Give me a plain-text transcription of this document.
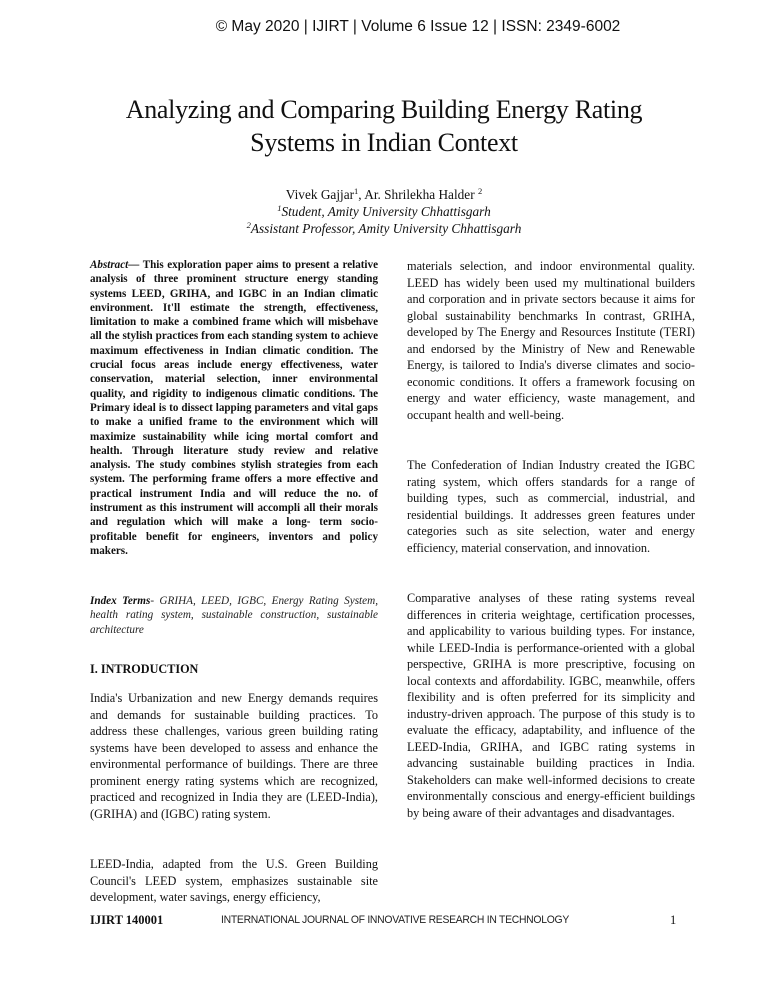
© May 2020 | IJIRT | Volume 6 Issue 12 | ISSN: 2349-6002
Analyzing and Comparing Building Energy Rating
Systems in Indian Context
Vivek Gajjar$^1$, Ar. Shrilekha Halder $^2$
$^1$Student, Amity University Chhattisgarh
$^2$Assistant Professor, Amity University Chhattisgarh
Abstract— This exploration paper aims to present a relative analysis of three prominent structure energy standing systems LEED, GRIHA, and IGBC in an Indian climatic environment. It'll estimate the strength, effectiveness, limitation to make a combined frame which will misbehave all the stylish practices from each standing system to achieve maximum effectiveness in Indian climatic condition. The crucial focus areas include energy effectiveness, water conservation, material selection, inner environmental quality, and rigidity to indigenous climatic conditions. The Primary ideal is to dissect lapping parameters and vital gaps to make a unified frame to the environment which will maximize sustainability while icing mortal comfort and health. Through literature study review and relative analysis. The study combines stylish strategies from each system. The performing frame offers a more effective and practical instrument India and will reduce the no. of instrument as this instrument will accompli all their morals and regulation which will make a long- term socio- profitable benefit for engineers, inventors and policy makers.
Index Terms- GRIHA, LEED, IGBC, Energy Rating System, health rating system, sustainable construction, sustainable architecture
I. INTRODUCTION
India's Urbanization and new Energy demands requires and demands for sustainable building practices. To address these challenges, various green building rating systems have been developed to assess and enhance the environmental performance of buildings. There are three prominent energy rating systems which are recognized, practiced and recognized in India they are (LEED-India), (GRIHA) and (IGBC) rating system.
LEED-India, adapted from the U.S. Green Building Council's LEED system, emphasizes sustainable site development, water savings, energy efficiency,
materials selection, and indoor environmental quality. LEED has widely been used my multinational builders and corporation and in private sectors because it aims for global sustainability benchmarks In contrast, GRIHA, developed by The Energy and Resources Institute (TERI) and endorsed by the Ministry of New and Renewable Energy, is tailored to India's diverse climates and socio-economic conditions. It offers a framework focusing on energy and water efficiency, waste management, and occupant health and well-being.
The Confederation of Indian Industry created the IGBC rating system, which offers standards for a range of building types, such as commercial, industrial, and residential buildings. It addresses green features under categories such as site selection, water and energy efficiency, material conservation, and innovation.
Comparative analyses of these rating systems reveal differences in criteria weightage, certification processes, and applicability to various building types. For instance, while LEED-India is performance-oriented with a global perspective, GRIHA is more prescriptive, focusing on local contexts and affordability. IGBC, meanwhile, offers flexibility and is often preferred for its simplicity and industry-driven approach. The purpose of this study is to evaluate the efficacy, adaptability, and influence of the LEED-India, GRIHA, and IGBC rating systems in advancing sustainable building practices in India. Stakeholders can make well-informed decisions to create environmentally conscious and energy-efficient buildings by being aware of their advantages and disadvantages.
IJIRT 140001	INTERNATIONAL JOURNAL OF INNOVATIVE RESEARCH IN TECHNOLOGY	1
